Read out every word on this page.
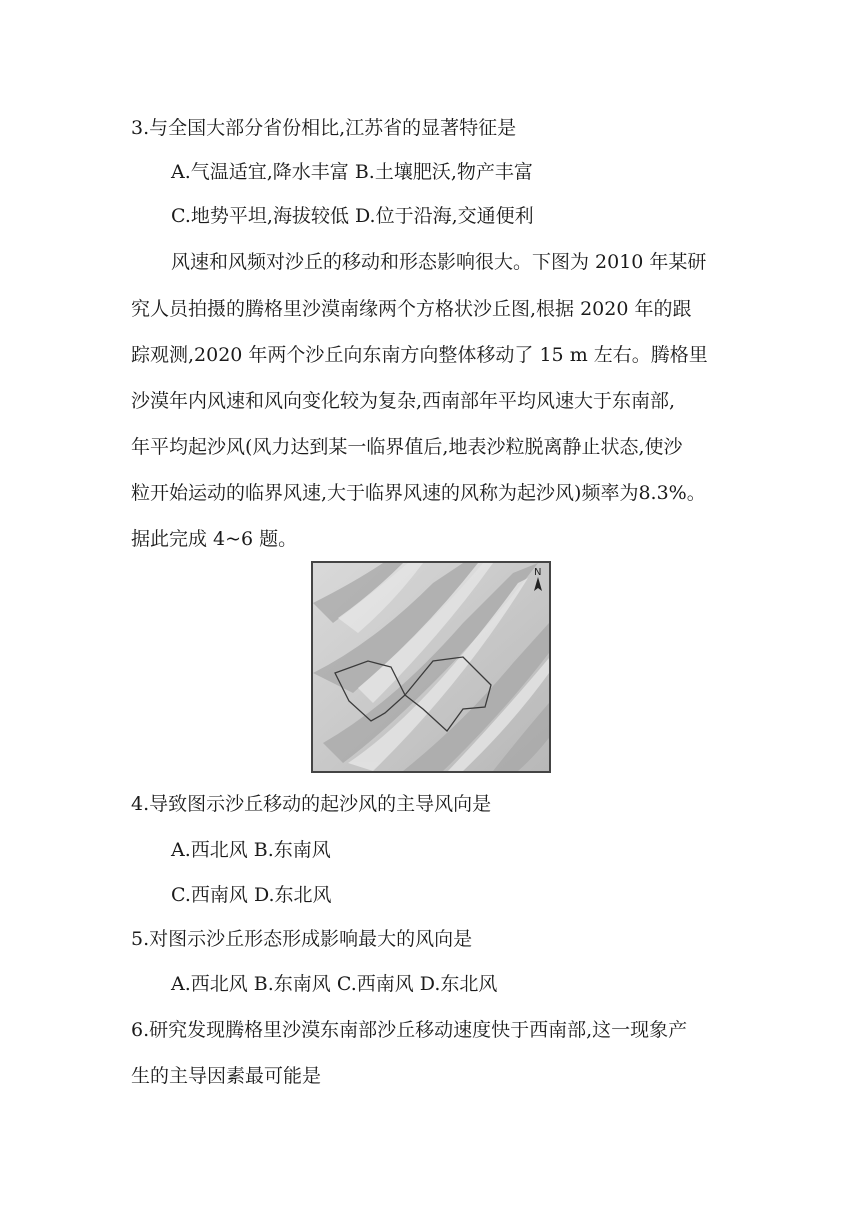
3.与全国大部分省份相比,江苏省的显著特征是
A.气温适宜,降水丰富 B.土壤肥沃,物产丰富
C.地势平坦,海拔较低 D.位于沿海,交通便利
风速和风频对沙丘的移动和形态影响很大。下图为 2010 年某研
究人员拍摄的腾格里沙漠南缘两个方格状沙丘图,根据 2020 年的跟
踪观测,2020 年两个沙丘向东南方向整体移动了 15 m 左右。腾格里
沙漠年内风速和风向变化较为复杂,西南部年平均风速大于东南部,
年平均起沙风(风力达到某一临界值后,地表沙粒脱离静止状态,使沙
粒开始运动的临界风速,大于临界风速的风称为起沙风)频率为8.3%。
据此完成 4~6 题。
N
4.导致图示沙丘移动的起沙风的主导风向是
A.西北风 B.东南风
C.西南风 D.东北风
5.对图示沙丘形态形成影响最大的风向是
A.西北风 B.东南风 C.西南风 D.东北风
6.研究发现腾格里沙漠东南部沙丘移动速度快于西南部,这一现象产
生的主导因素最可能是
